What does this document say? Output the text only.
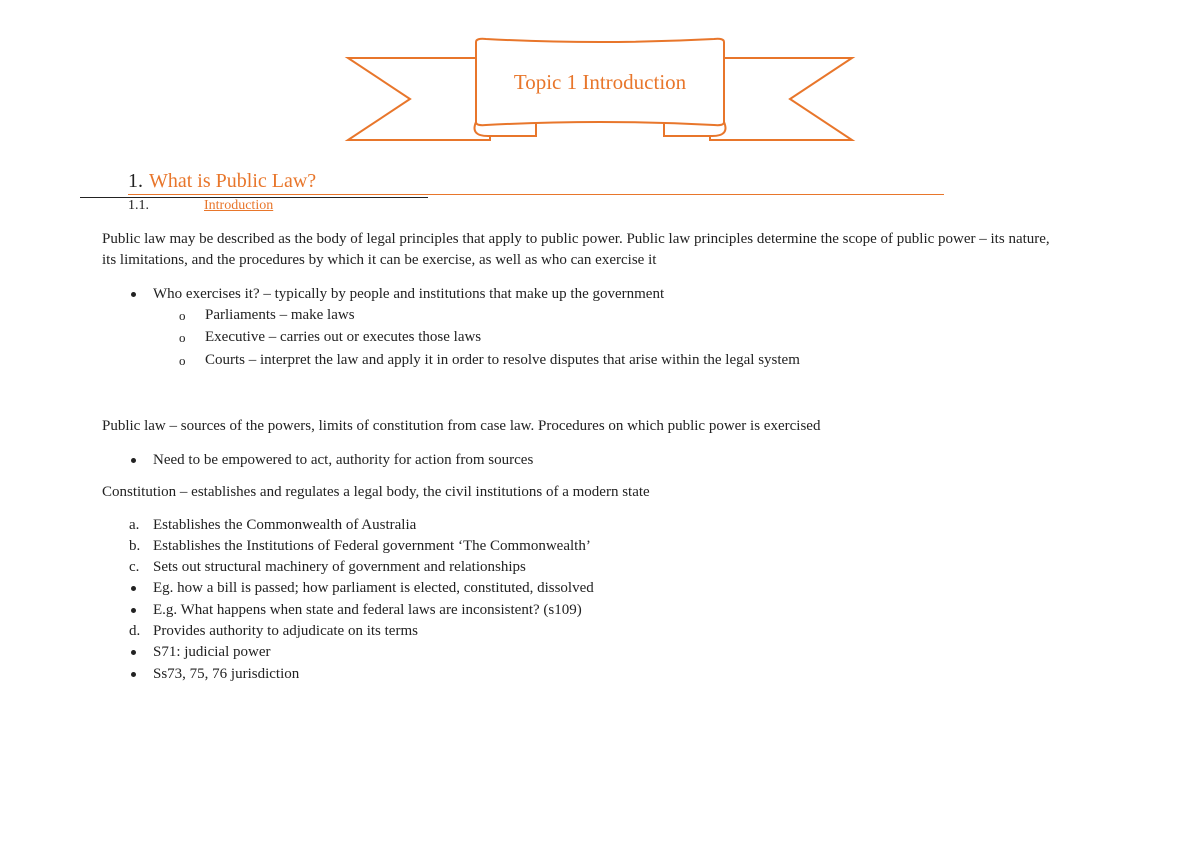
Topic 1 Introduction
1. What is Public Law?
1.1.	Introduction
Public law may be described as the body of legal principles that apply to public power. Public law principles determine the scope of public power – its nature, its limitations, and the procedures by which it can be exercise, as well as who can exercise it
Who exercises it? – typically by people and institutions that make up the government
o Parliaments – make laws
o Executive – carries out or executes those laws
o Courts – interpret the law and apply it in order to resolve disputes that arise within the legal system
Public law – sources of the powers, limits of constitution from case law. Procedures on which public power is exercised
Need to be empowered to act, authority for action from sources
Constitution – establishes and regulates a legal body, the civil institutions of a modern state
a. Establishes the Commonwealth of Australia
b. Establishes the Institutions of Federal government ‘The Commonwealth’
c. Sets out structural machinery of government and relationships
Eg. how a bill is passed; how parliament is elected, constituted, dissolved
E.g. What happens when state and federal laws are inconsistent? (s109)
d. Provides authority to adjudicate on its terms
S71: judicial power
Ss73, 75, 76 jurisdiction
